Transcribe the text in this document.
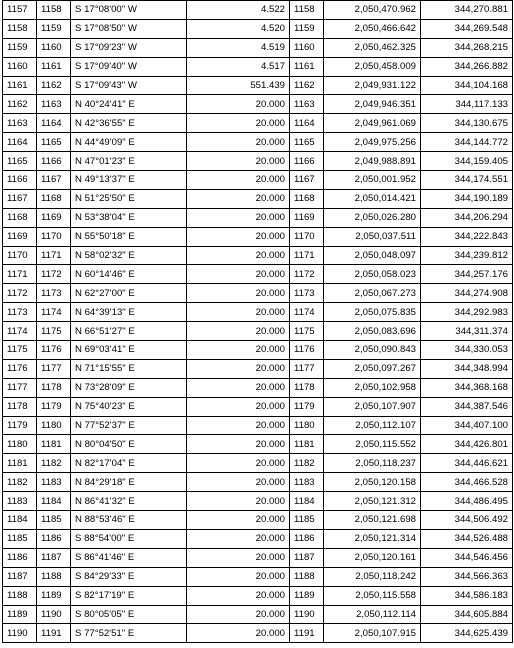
1157	1158	S 17°08'00" W	4.522	1158	2,050,470.962	344,270.881
1158	1159	S 17°08'50" W	4.520	1159	2,050,466.642	344,269.548
1159	1160	S 17°09'23" W	4.519	1160	2,050,462.325	344,268.215
1160	1161	S 17°09'40" W	4.517	1161	2,050,458.009	344,266.882
1161	1162	S 17°09'43" W	551.439	1162	2,049,931.122	344,104.168
1162	1163	N 40°24'41" E	20.000	1163	2,049,946.351	344,117.133
1163	1164	N 42°36'55" E	20.000	1164	2,049,961.069	344,130.675
1164	1165	N 44°49'09" E	20.000	1165	2,049,975.256	344,144.772
1165	1166	N 47°01'23" E	20.000	1166	2,049,988.891	344,159.405
1166	1167	N 49°13'37" E	20.000	1167	2,050,001.952	344,174.551
1167	1168	N 51°25'50" E	20.000	1168	2,050,014.421	344,190.189
1168	1169	N 53°38'04" E	20.000	1169	2,050,026.280	344,206.294
1169	1170	N 55°50'18" E	20.000	1170	2,050,037.511	344,222.843
1170	1171	N 58°02'32" E	20.000	1171	2,050,048.097	344,239.812
1171	1172	N 60°14'46" E	20.000	1172	2,050,058.023	344,257.176
1172	1173	N 62°27'00" E	20.000	1173	2,050,067.273	344,274.908
1173	1174	N 64°39'13" E	20.000	1174	2,050,075.835	344,292.983
1174	1175	N 66°51'27" E	20.000	1175	2,050,083.696	344,311.374
1175	1176	N 69°03'41" E	20.000	1176	2,050,090.843	344,330.053
1176	1177	N 71°15'55" E	20.000	1177	2,050,097.267	344,348.994
1177	1178	N 73°28'09" E	20.000	1178	2,050,102.958	344,368.168
1178	1179	N 75°40'23" E	20.000	1179	2,050,107.907	344,387.546
1179	1180	N 77°52'37" E	20.000	1180	2,050,112.107	344,407.100
1180	1181	N 80°04'50" E	20.000	1181	2,050,115.552	344,426.801
1181	1182	N 82°17'04" E	20.000	1182	2,050,118.237	344,446.621
1182	1183	N 84°29'18" E	20.000	1183	2,050,120.158	344,466.528
1183	1184	N 86°41'32" E	20.000	1184	2,050,121.312	344,486.495
1184	1185	N 88°53'46" E	20.000	1185	2,050,121.698	344,506.492
1185	1186	S 88°54'00" E	20.000	1186	2,050,121.314	344,526.488
1186	1187	S 86°41'46" E	20.000	1187	2,050,120.161	344,546.456
1187	1188	S 84°29'33" E	20.000	1188	2,050,118.242	344,566.363
1188	1189	S 82°17'19" E	20.000	1189	2,050,115.558	344,586.183
1189	1190	S 80°05'05" E	20.000	1190	2,050,112.114	344,605.884
1190	1191	S 77°52'51" E	20.000	1191	2,050,107.915	344,625.439
